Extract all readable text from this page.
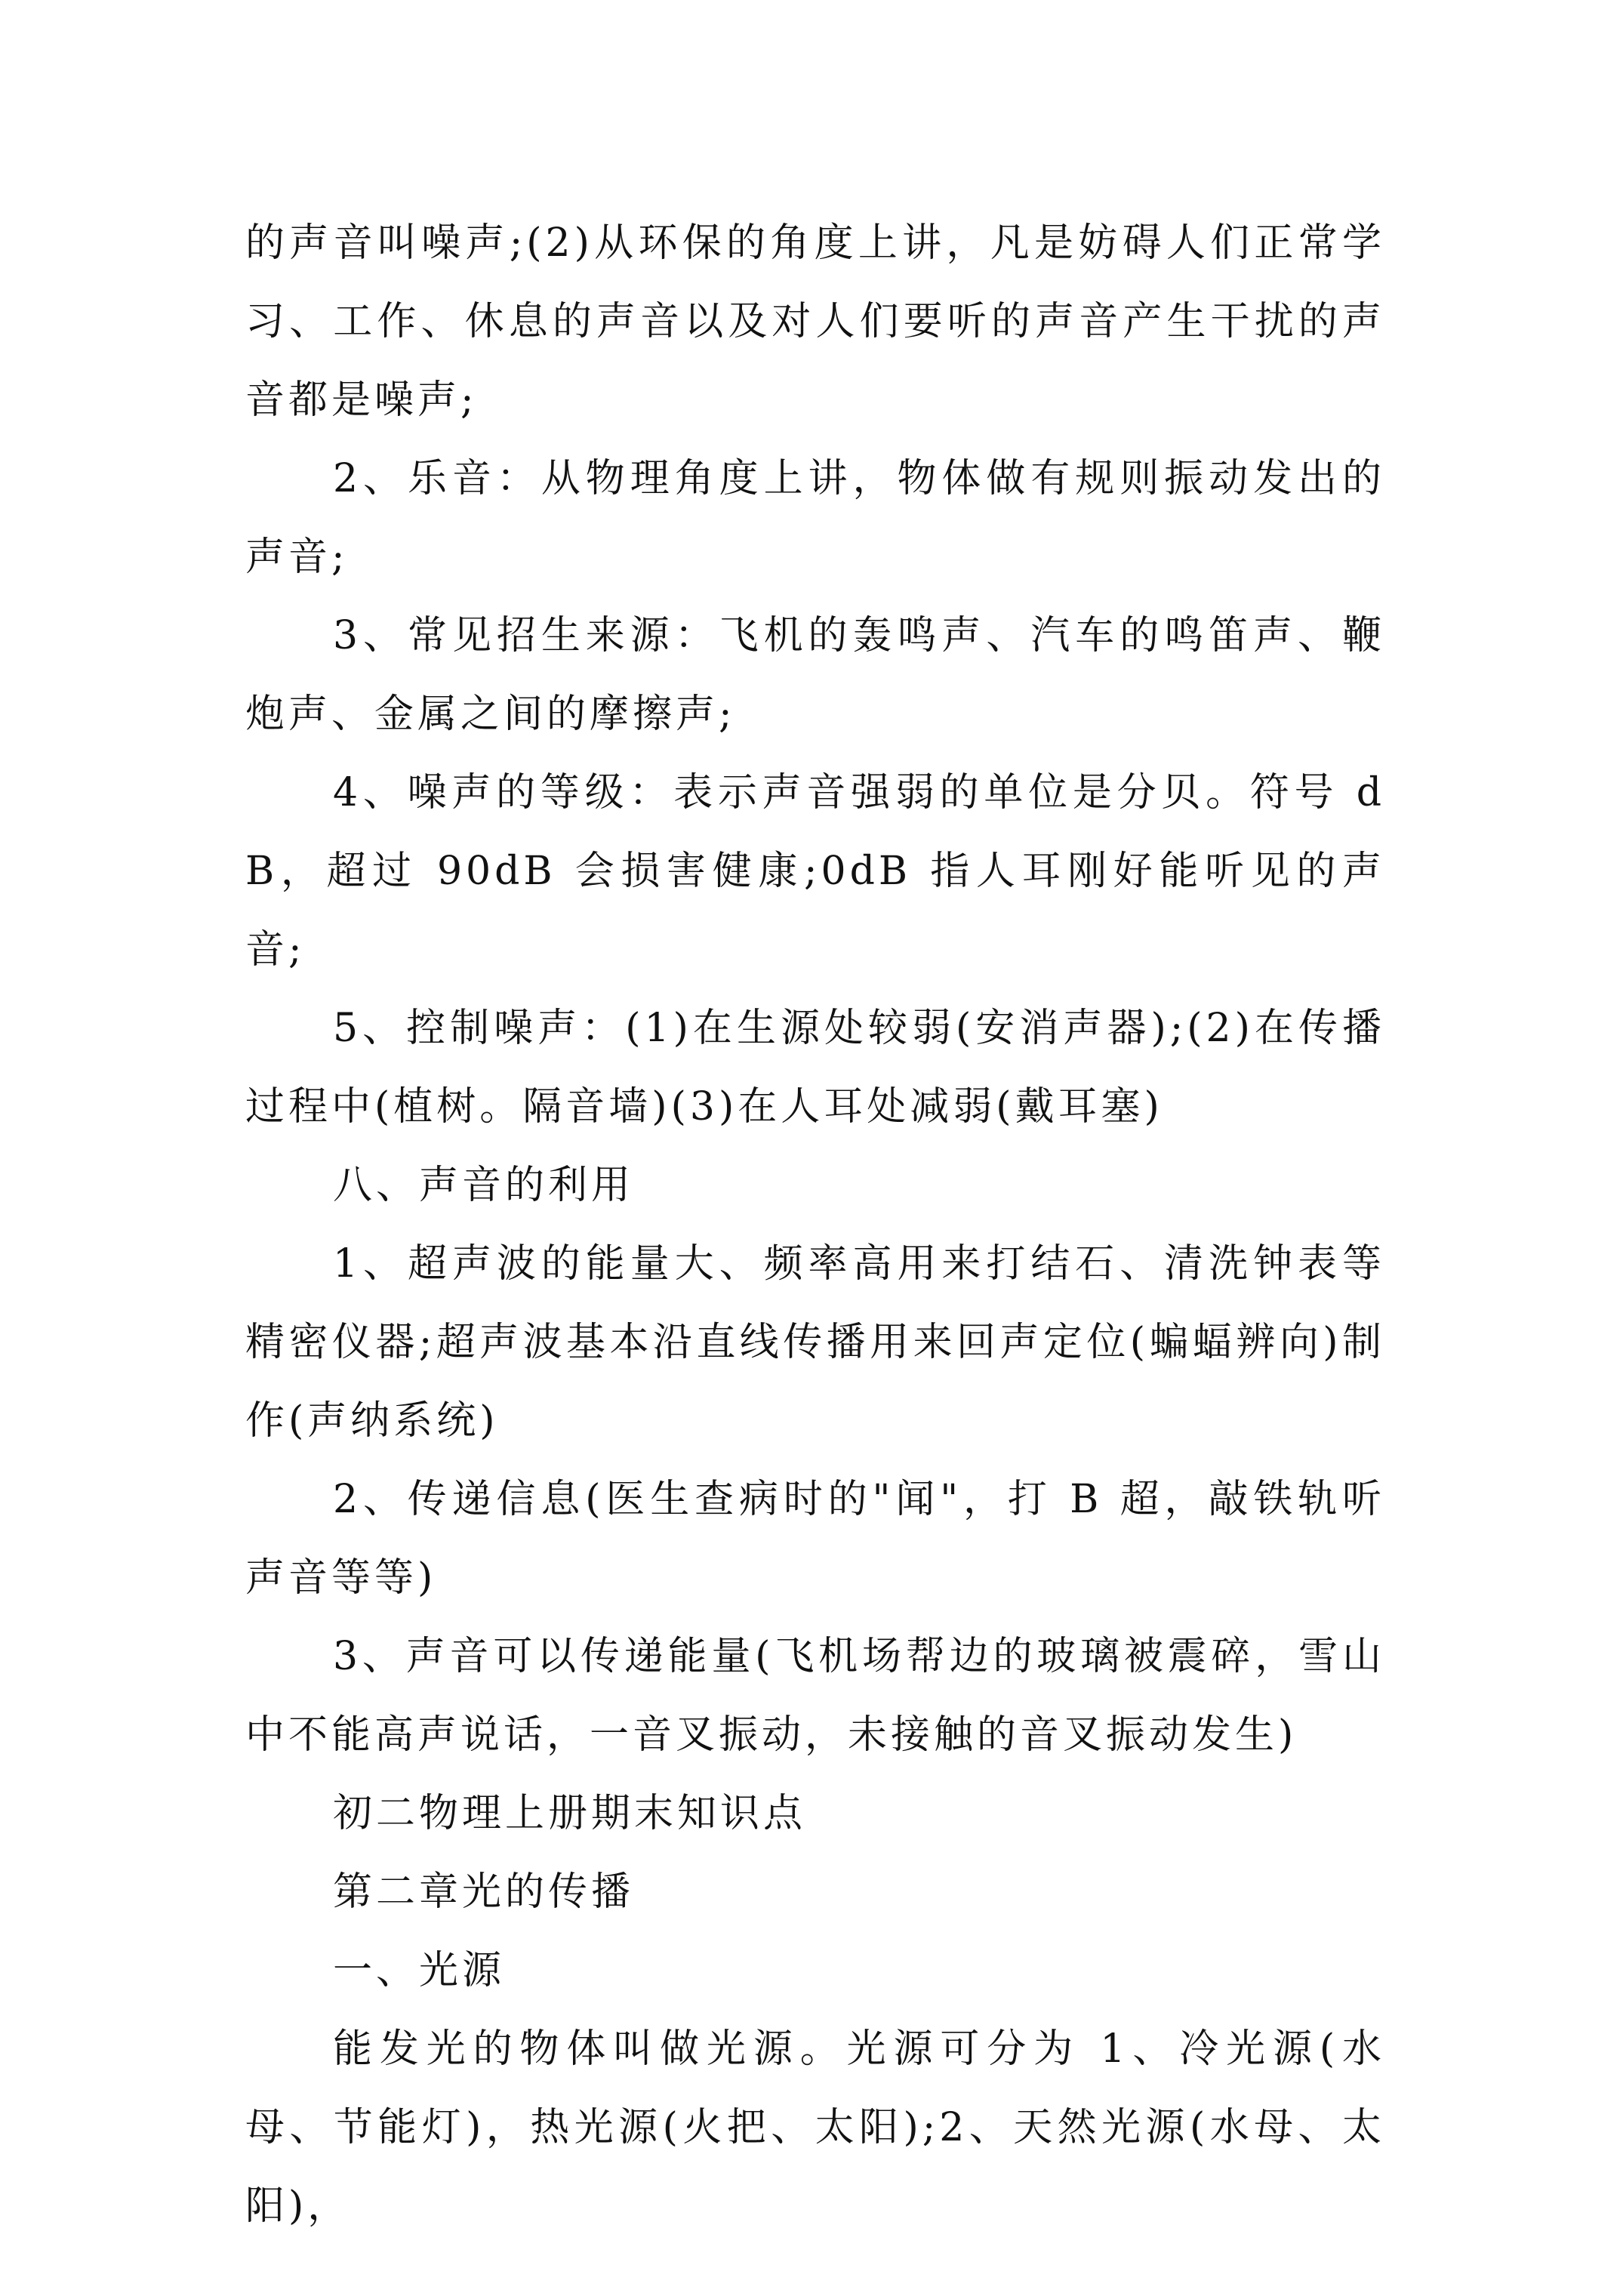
的声音叫噪声;(2)从环保的角度上讲，凡是妨碍人们正常学习、工作、休息的声音以及对人们要听的声音产生干扰的声音都是噪声;

2、乐音：从物理角度上讲，物体做有规则振动发出的声音;

3、常见招生来源：飞机的轰鸣声、汽车的鸣笛声、鞭炮声、金属之间的摩擦声;

4、噪声的等级：表示声音强弱的单位是分贝。符号 dB，超过 90dB 会损害健康;0dB 指人耳刚好能听见的声音;

5、控制噪声：(1)在生源处较弱(安消声器);(2)在传播过程中(植树。隔音墙)(3)在人耳处减弱(戴耳塞)

八、声音的利用

1、超声波的能量大、频率高用来打结石、清洗钟表等精密仪器;超声波基本沿直线传播用来回声定位(蝙蝠辨向)制作(声纳系统)

2、传递信息(医生查病时的"闻"，打 B 超，敲铁轨听声音等等)

3、声音可以传递能量(飞机场帮边的玻璃被震碎，雪山中不能高声说话，一音叉振动，未接触的音叉振动发生)

初二物理上册期末知识点

第二章光的传播

一、光源

能发光的物体叫做光源。光源可分为 1、冷光源(水母、节能灯)，热光源(火把、太阳);2、天然光源(水母、太阳)，
